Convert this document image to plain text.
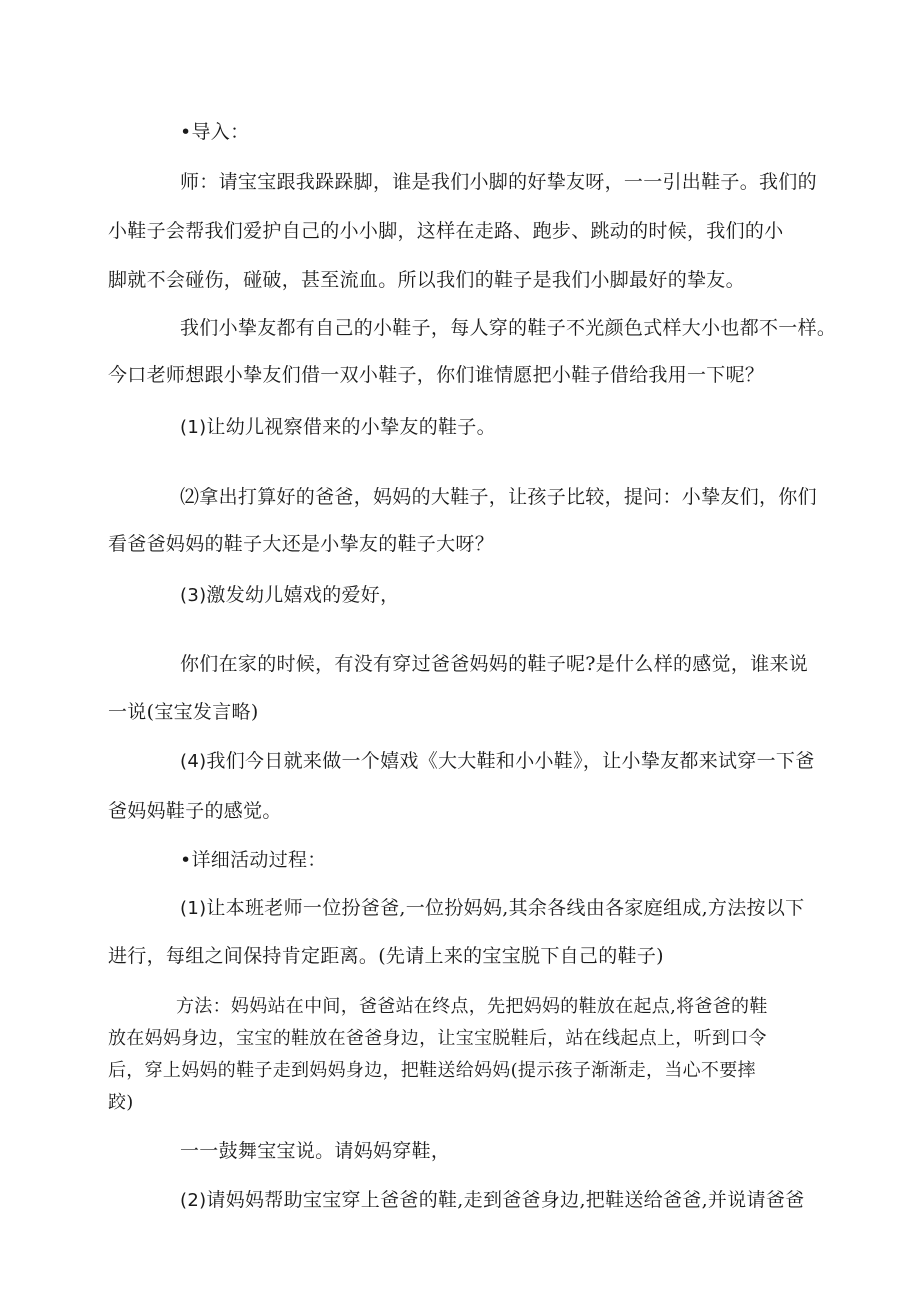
•导入：
师：请宝宝跟我跺跺脚，谁是我们小脚的好挚友呀，一一引出鞋子。我们的
小鞋子会帮我们爱护自己的小小脚，这样在走路、跑步、跳动的时候，我们的小
脚就不会碰伤，碰破，甚至流血。所以我们的鞋子是我们小脚最好的挚友。
我们小挚友都有自己的小鞋子，每人穿的鞋子不光颜色式样大小也都不一样。
今口老师想跟小挚友们借一双小鞋子，你们谁情愿把小鞋子借给我用一下呢？
(1)让幼儿视察借来的小挚友的鞋子。
⑵拿出打算好的爸爸，妈妈的大鞋子，让孩子比较，提问：小挚友们，你们
看爸爸妈妈的鞋子大还是小挚友的鞋子大呀？
(3)激发幼儿嬉戏的爱好，
你们在家的时候，有没有穿过爸爸妈妈的鞋子呢?是什么样的感觉，谁来说
一说(宝宝发言略)
(4)我们今日就来做一个嬉戏《大大鞋和小小鞋》，让小挚友都来试穿一下爸
爸妈妈鞋子的感觉。
•详细活动过程：
(1)让本班老师一位扮爸爸,一位扮妈妈,其余各线由各家庭组成,方法按以下
进行，每组之间保持肯定距离。(先请上来的宝宝脱下自己的鞋子)
方法：妈妈站在中间，爸爸站在终点，先把妈妈的鞋放在起点,将爸爸的鞋
放在妈妈身边，宝宝的鞋放在爸爸身边，让宝宝脱鞋后，站在线起点上，听到口令
后，穿上妈妈的鞋子走到妈妈身边，把鞋送给妈妈(提示孩子渐渐走，当心不要摔
跤)
一一鼓舞宝宝说。请妈妈穿鞋，
(2)请妈妈帮助宝宝穿上爸爸的鞋,走到爸爸身边,把鞋送给爸爸,并说请爸爸
